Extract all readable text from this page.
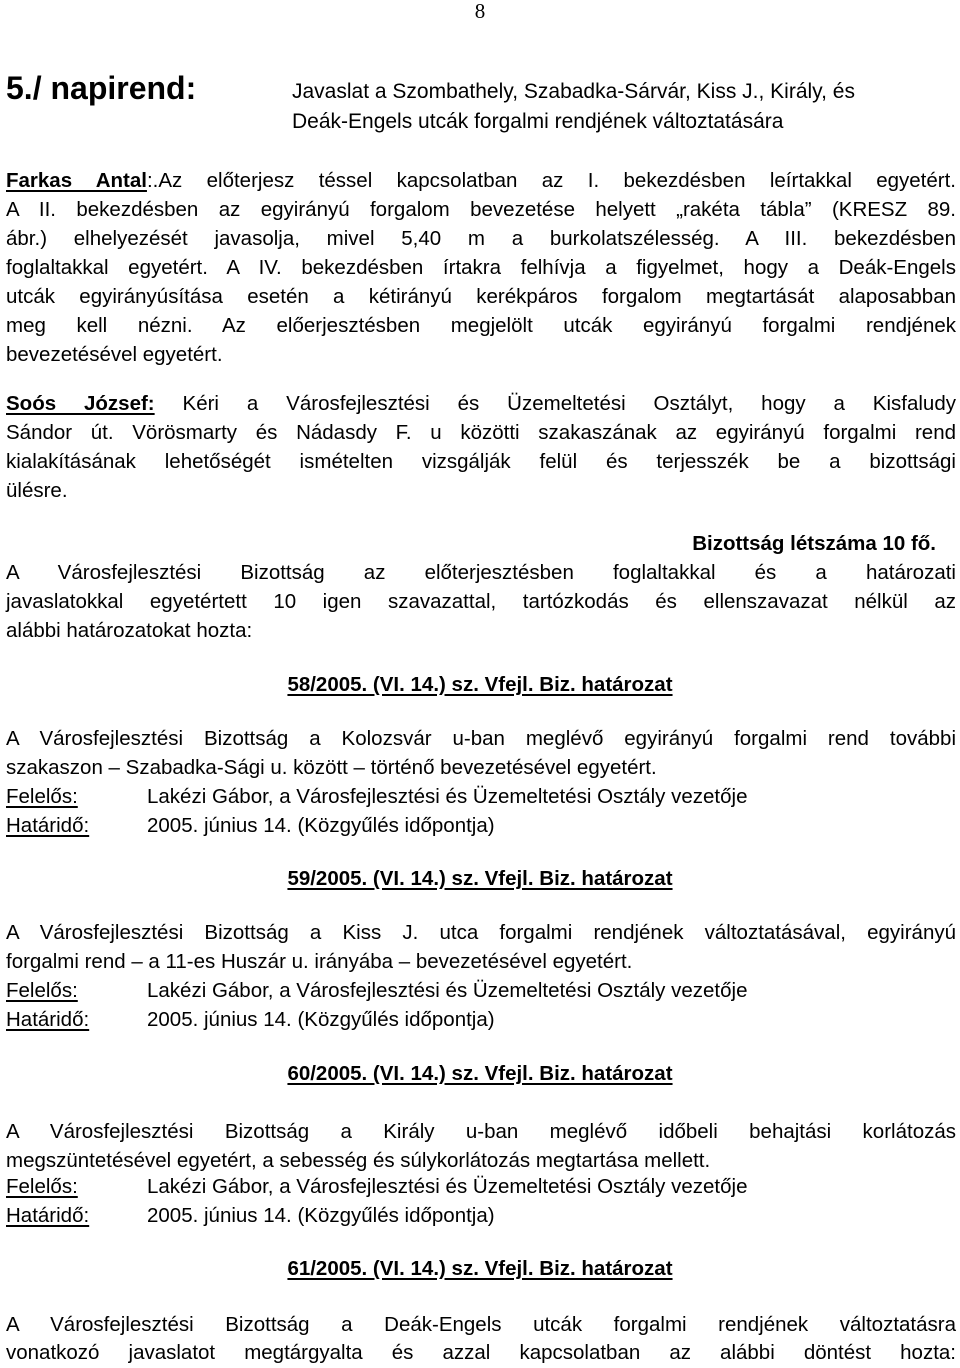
8
5./ napirend:	Javaslat a Szombathely, Szabadka-Sárvár, Kiss J., Király, és
Deák-Engels utcák forgalmi rendjének változtatására
Farkas Antal:.Az előterjesz téssel kapcsolatban az I. bekezdésben leírtakkal egyetért.
A II. bekezdésben az egyirányú forgalom bevezetése helyett „rakéta tábla” (KRESZ 89.
ábr.) elhelyezését javasolja, mivel 5,40 m a burkolatszélesség. A III. bekezdésben
foglaltakkal egyetért. A IV. bekezdésben írtakra felhívja a figyelmet, hogy a Deák-Engels
utcák egyirányúsítása esetén a kétirányú kerékpáros forgalom megtartását alaposabban
meg kell nézni. Az előerjesztésben megjelölt utcák egyirányú forgalmi rendjének
bevezetésével egyetért.
Soós József: Kéri a Városfejlesztési és Üzemeltetési Osztályt, hogy a Kisfaludy
Sándor út. Vörösmarty és Nádasdy F. u közötti szakaszának az egyirányú forgalmi rend
kialakításának lehetőségét ismételten vizsgálják felül és terjesszék be a bizottsági
ülésre.
Bizottság létszáma 10 fő.
A Városfejlesztési Bizottság az előterjesztésben foglaltakkal és a határozati
javaslatokkal egyetértett 10 igen szavazattal, tartózkodás és ellenszavazat nélkül az
alábbi határozatokat hozta:
58/2005. (VI. 14.) sz. Vfejl. Biz. határozat
A Városfejlesztési Bizottság a Kolozsvár u-ban meglévő egyirányú forgalmi rend további
szakaszon – Szabadka-Sági u. között – történő bevezetésével egyetért.
Felelős:	Lakézi Gábor, a Városfejlesztési és Üzemeltetési Osztály vezetője
Határidő:	2005. június 14. (Közgyűlés időpontja)
59/2005. (VI. 14.) sz. Vfejl. Biz. határozat
A Városfejlesztési Bizottság a Kiss J. utca forgalmi rendjének változtatásával, egyirányú
forgalmi rend – a 11-es Huszár u. irányába – bevezetésével egyetért.
Felelős:	Lakézi Gábor, a Városfejlesztési és Üzemeltetési Osztály vezetője
Határidő:	2005. június 14. (Közgyűlés időpontja)
60/2005. (VI. 14.) sz. Vfejl. Biz. határozat
A Városfejlesztési Bizottság a Király u-ban meglévő időbeli behajtási korlátozás
megszüntetésével egyetért, a sebesség és súlykorlátozás megtartása mellett.
Felelős:	Lakézi Gábor, a Városfejlesztési és Üzemeltetési Osztály vezetője
Határidő:	2005. június 14. (Közgyűlés időpontja)
61/2005. (VI. 14.) sz. Vfejl. Biz. határozat
A Városfejlesztési Bizottság a Deák-Engels utcák forgalmi rendjének változtatásra
vonatkozó javaslatot megtárgyalta és azzal kapcsolatban az alábbi döntést hozta:
